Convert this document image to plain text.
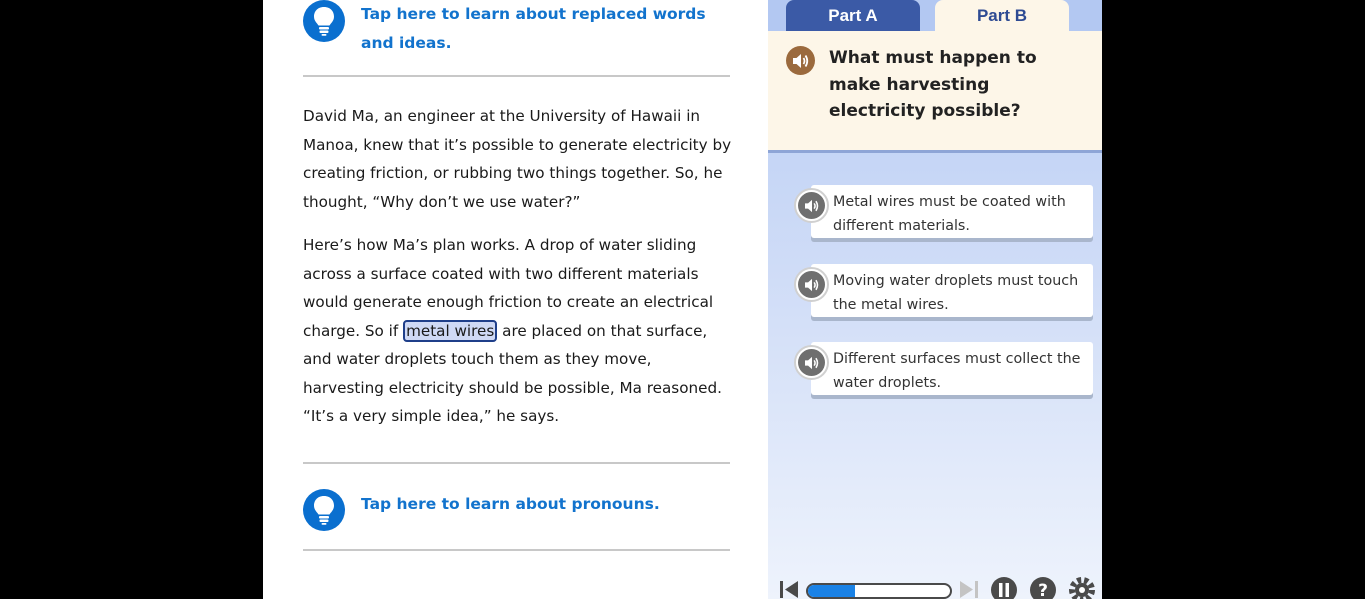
Tap here to learn about replaced words and ideas.

David Ma, an engineer at the University of Hawaii in Manoa, knew that it’s possible to generate electricity by creating friction, or rubbing two things together. So, he thought, “Why don’t we use water?”

Here’s how Ma’s plan works. A drop of water sliding across a surface coated with two different materials would generate enough friction to create an electrical charge. So if metal wires are placed on that surface, and water droplets touch them as they move, harvesting electricity should be possible, Ma reasoned. “It’s a very simple idea,” he says.

Tap here to learn about pronouns.
Part A	Part B
What must happen to make harvesting electricity possible?
Metal wires must be coated with different materials.
Moving water droplets must touch the metal wires.
Different surfaces must collect the water droplets.
?
